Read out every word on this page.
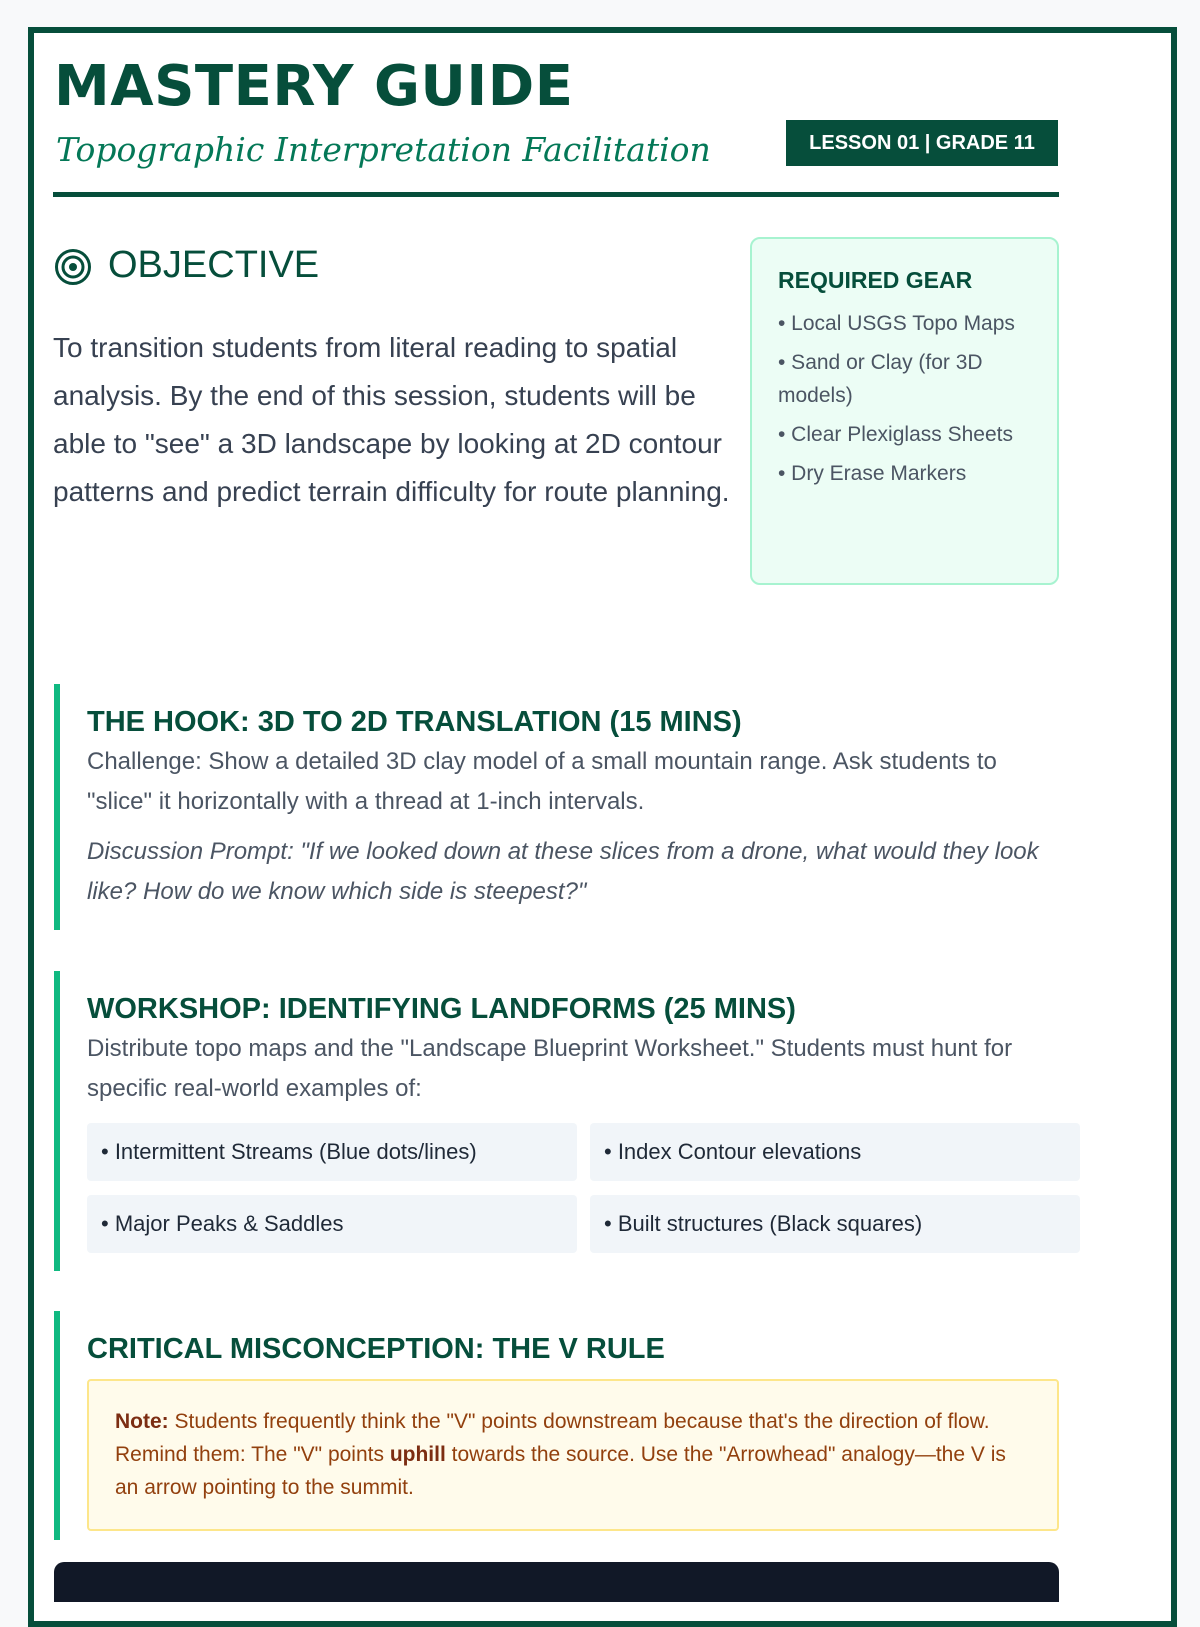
MASTERY GUIDE
Topographic Interpretation Facilitation	LESSON 01 | GRADE 11
OBJECTIVE

To transition students from literal reading to spatial analysis. By the end of this session, students will be able to "see" a 3D landscape by looking at 2D contour patterns and predict terrain difficulty for route planning.

REQUIRED GEAR
• Local USGS Topo Maps
• Sand or Clay (for 3D models)
• Clear Plexiglass Sheets
• Dry Erase Markers
THE HOOK: 3D TO 2D TRANSLATION (15 MINS)

Challenge: Show a detailed 3D clay model of a small mountain range. Ask students to "slice" it horizontally with a thread at 1-inch intervals.

Discussion Prompt: "If we looked down at these slices from a drone, what would they look like? How do we know which side is steepest?"

WORKSHOP: IDENTIFYING LANDFORMS (25 MINS)

Distribute topo maps and the "Landscape Blueprint Worksheet." Students must hunt for specific real-world examples of:

• Intermittent Streams (Blue dots/lines)	• Index Contour elevations
• Major Peaks & Saddles	• Built structures (Black squares)
CRITICAL MISCONCEPTION: THE V RULE
Note: Students frequently think the "V" points downstream because that's the direction of flow. Remind them: The "V" points uphill towards the source. Use the "Arrowhead" analogy—the V is an arrow pointing to the summit.
